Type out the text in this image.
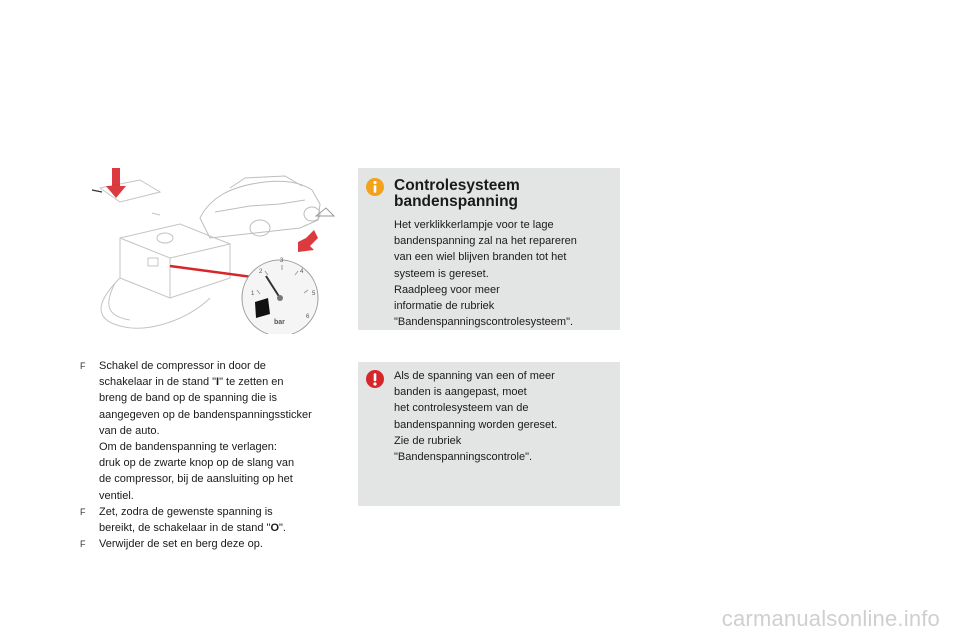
1
2
3
4
5
6
bar
Controlesysteem
bandenspanning
Het verklikkerlampje voor te lage
bandenspanning zal na het repareren
van een wiel blijven branden tot het
systeem is gereset.
Raadpleeg voor meer
informatie de rubriek
"Bandenspanningscontrolesysteem".
Als de spanning van een of meer
banden is aangepast, moet
het controlesysteem van de
bandenspanning worden gereset.
Zie de rubriek
"Bandenspanningscontrole".

F Schakel de compressor in door de
schakelaar in de stand "I" te zetten en
breng de band op de spanning die is
aangegeven op de bandenspanningssticker
van de auto.
Om de bandenspanning te verlagen:
druk op de zwarte knop op de slang van
de compressor, bij de aansluiting op het
ventiel.

F Zet, zodra de gewenste spanning is
bereikt, de schakelaar in de stand "O".

F Verwijder de set en berg deze op.

carmanualsonline.info
